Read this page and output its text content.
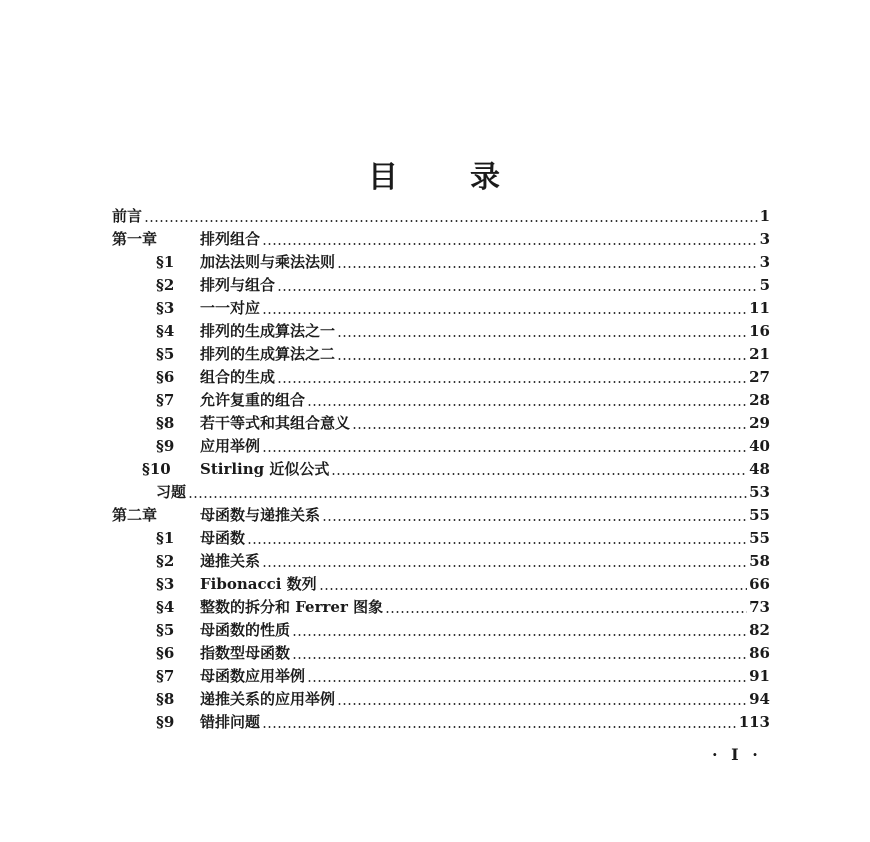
目 录
前言	1
第一章	排列组合	3
§1 加法法则与乘法法则	3
§2 排列与组合	5
§3 一一对应	11
§4 排列的生成算法之一	16
§5 排列的生成算法之二	21
§6 组合的生成	27
§7 允许复重的组合	28
§8 若干等式和其组合意义	29
§9 应用举例	40
§10 Stirling 近似公式	48
习题	53
第二章	母函数与递推关系	55
§1 母函数	55
§2 递推关系	58
§3 Fibonacci 数列	66
§4 整数的拆分和 Ferrer 图象	73
§5 母函数的性质	82
§6 指数型母函数	86
§7 母函数应用举例	91
§8 递推关系的应用举例	94
§9 错排问题	113
· I ·
